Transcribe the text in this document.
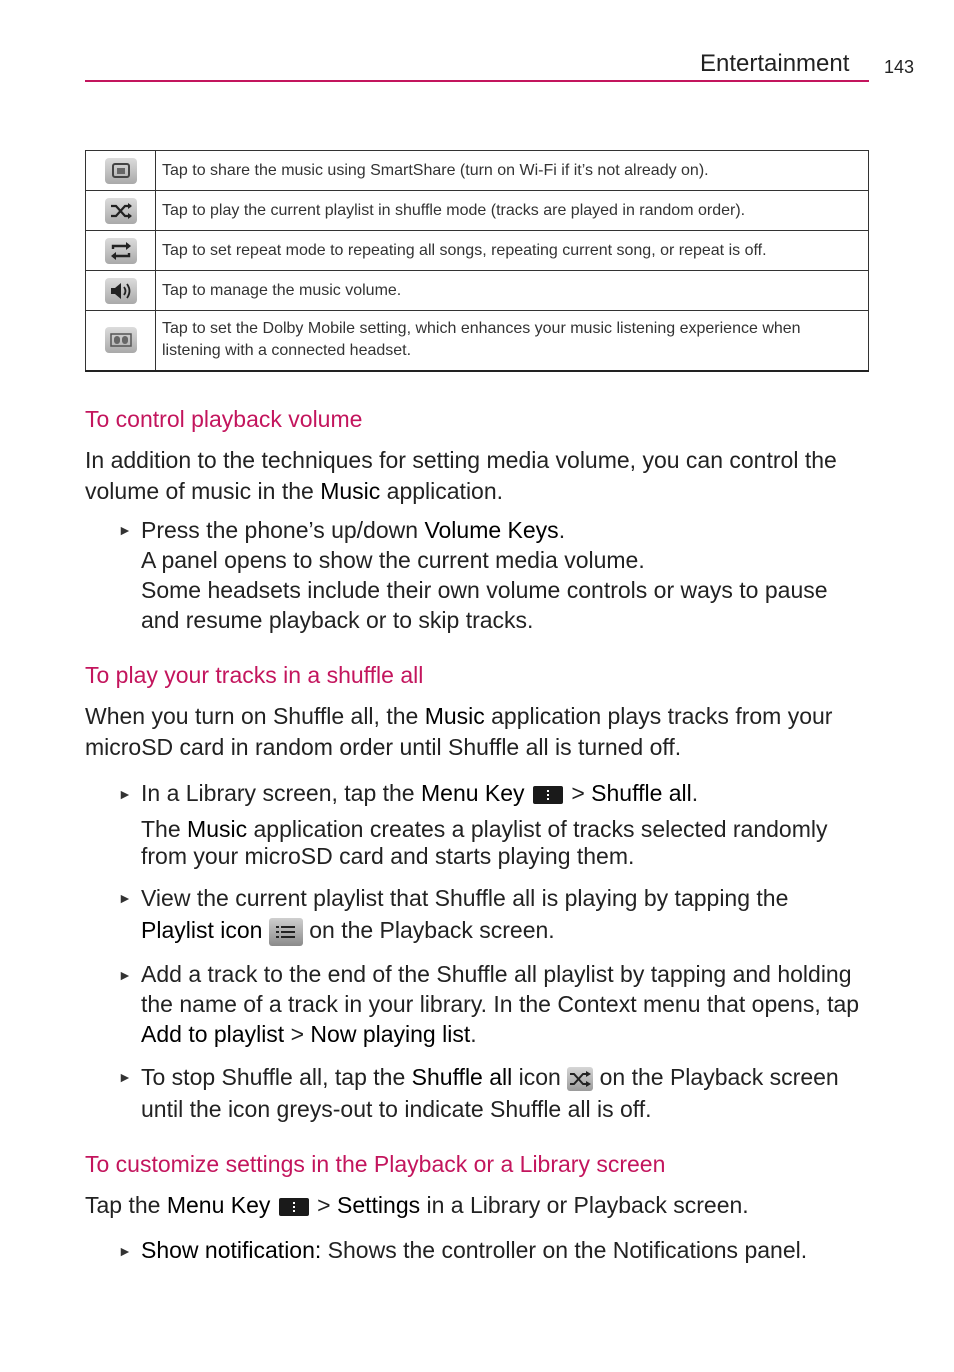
Entertainment 143
	Tap to share the music using SmartShare (turn on Wi-Fi if it’s not already on).

	Tap to play the current playlist in shuffle mode (tracks are played in random order).

	Tap to set repeat mode to repeating all songs, repeating current song, or repeat is off.

	Tap to manage the music volume.

	Tap to set the Dolby Mobile setting, which enhances your music listening experience when listening with a connected headset.
To control playback volume

In addition to the techniques for setting media volume, you can control the volume of music in the Music application.

► Press the phone’s up/down Volume Keys.
A panel opens to show the current media volume.
Some headsets include their own volume controls or ways to pause and resume playback or to skip tracks.

To play your tracks in a shuffle all

When you turn on Shuffle all, the Music application plays tracks from your microSD card in random order until Shuffle all is turned off.

► In a Library screen, tap the Menu Key
> Shuffle all.

The Music application creates a playlist of tracks selected randomly from your microSD card and starts playing them.

► View the current playlist that Shuffle all is playing by tapping the Playlist icon
on the Playback screen.

► Add a track to the end of the Shuffle all playlist by tapping and holding the name of a track in your library. In the Context menu that opens, tap Add to playlist > Now playing list.

► To stop Shuffle all, tap the Shuffle all icon
on the Playback screen until the icon greys-out to indicate Shuffle all is off.

To customize settings in the Playback or a Library screen

Tap the Menu Key
> Settings in a Library or Playback screen.

► Show notification: Shows the controller on the Notifications panel.
